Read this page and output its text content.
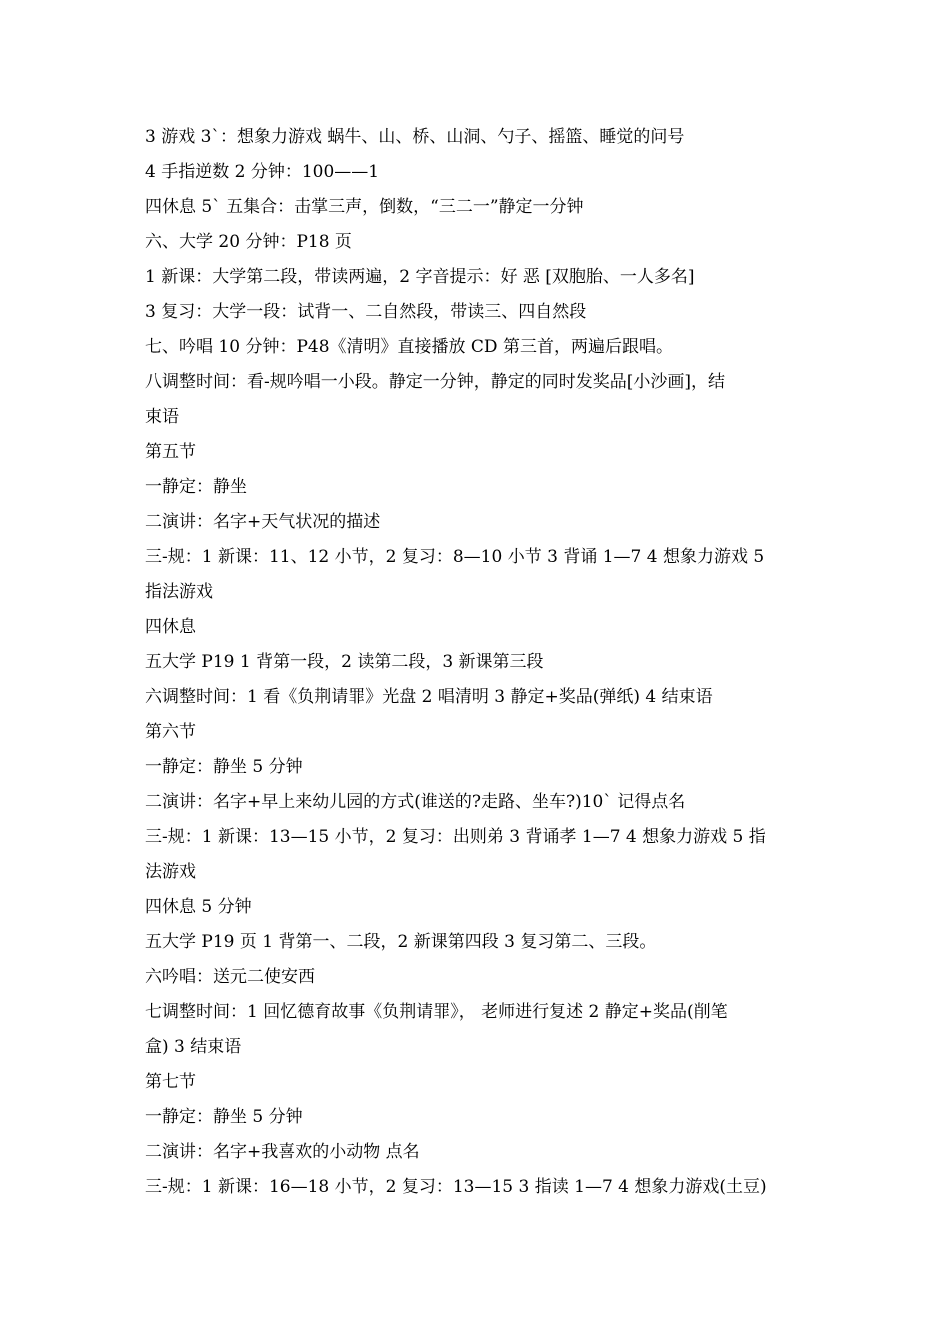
3 游戏 3`：想象力游戏 蜗牛、山、桥、山洞、勺子、摇篮、睡觉的问号
4 手指逆数 2 分钟：100——1
四休息 5` 五集合：击掌三声，倒数，“三二一”静定一分钟
六、大学 20 分钟：P18 页
1 新课：大学第二段，带读两遍，2 字音提示：好 恶 [双胞胎、一人多名]
3 复习：大学一段：试背一、二自然段，带读三、四自然段
七、吟唱 10 分钟：P48《清明》直接播放 CD 第三首，两遍后跟唱。
八调整时间：看-规吟唱一小段。静定一分钟，静定的同时发奖品[小沙画]，结
束语
第五节
一静定：静坐
二演讲：名字+天气状况的描述
三-规：1 新课：11、12 小节，2 复习：8—10 小节 3 背诵 1—7 4 想象力游戏 5
指法游戏
四休息
五大学 P19 1 背第一段，2 读第二段，3 新课第三段
六调整时间：1 看《负荆请罪》光盘 2 唱清明 3 静定+奖品(弹纸) 4 结束语
第六节
一静定：静坐 5 分钟
二演讲：名字+早上来幼儿园的方式(谁送的?走路、坐车?)10` 记得点名
三-规：1 新课：13—15 小节，2 复习：出则弟 3 背诵孝 1—7 4 想象力游戏 5 指
法游戏
四休息 5 分钟
五大学 P19 页 1 背第一、二段，2 新课第四段 3 复习第二、三段。
六吟唱：送元二使安西
七调整时间：1 回忆德育故事《负荆请罪》， 老师进行复述 2 静定+奖品(削笔
盒) 3 结束语
第七节
一静定：静坐 5 分钟
二演讲：名字+我喜欢的小动物 点名
三-规：1 新课：16—18 小节，2 复习：13—15 3 指读 1—7 4 想象力游戏(土豆)
